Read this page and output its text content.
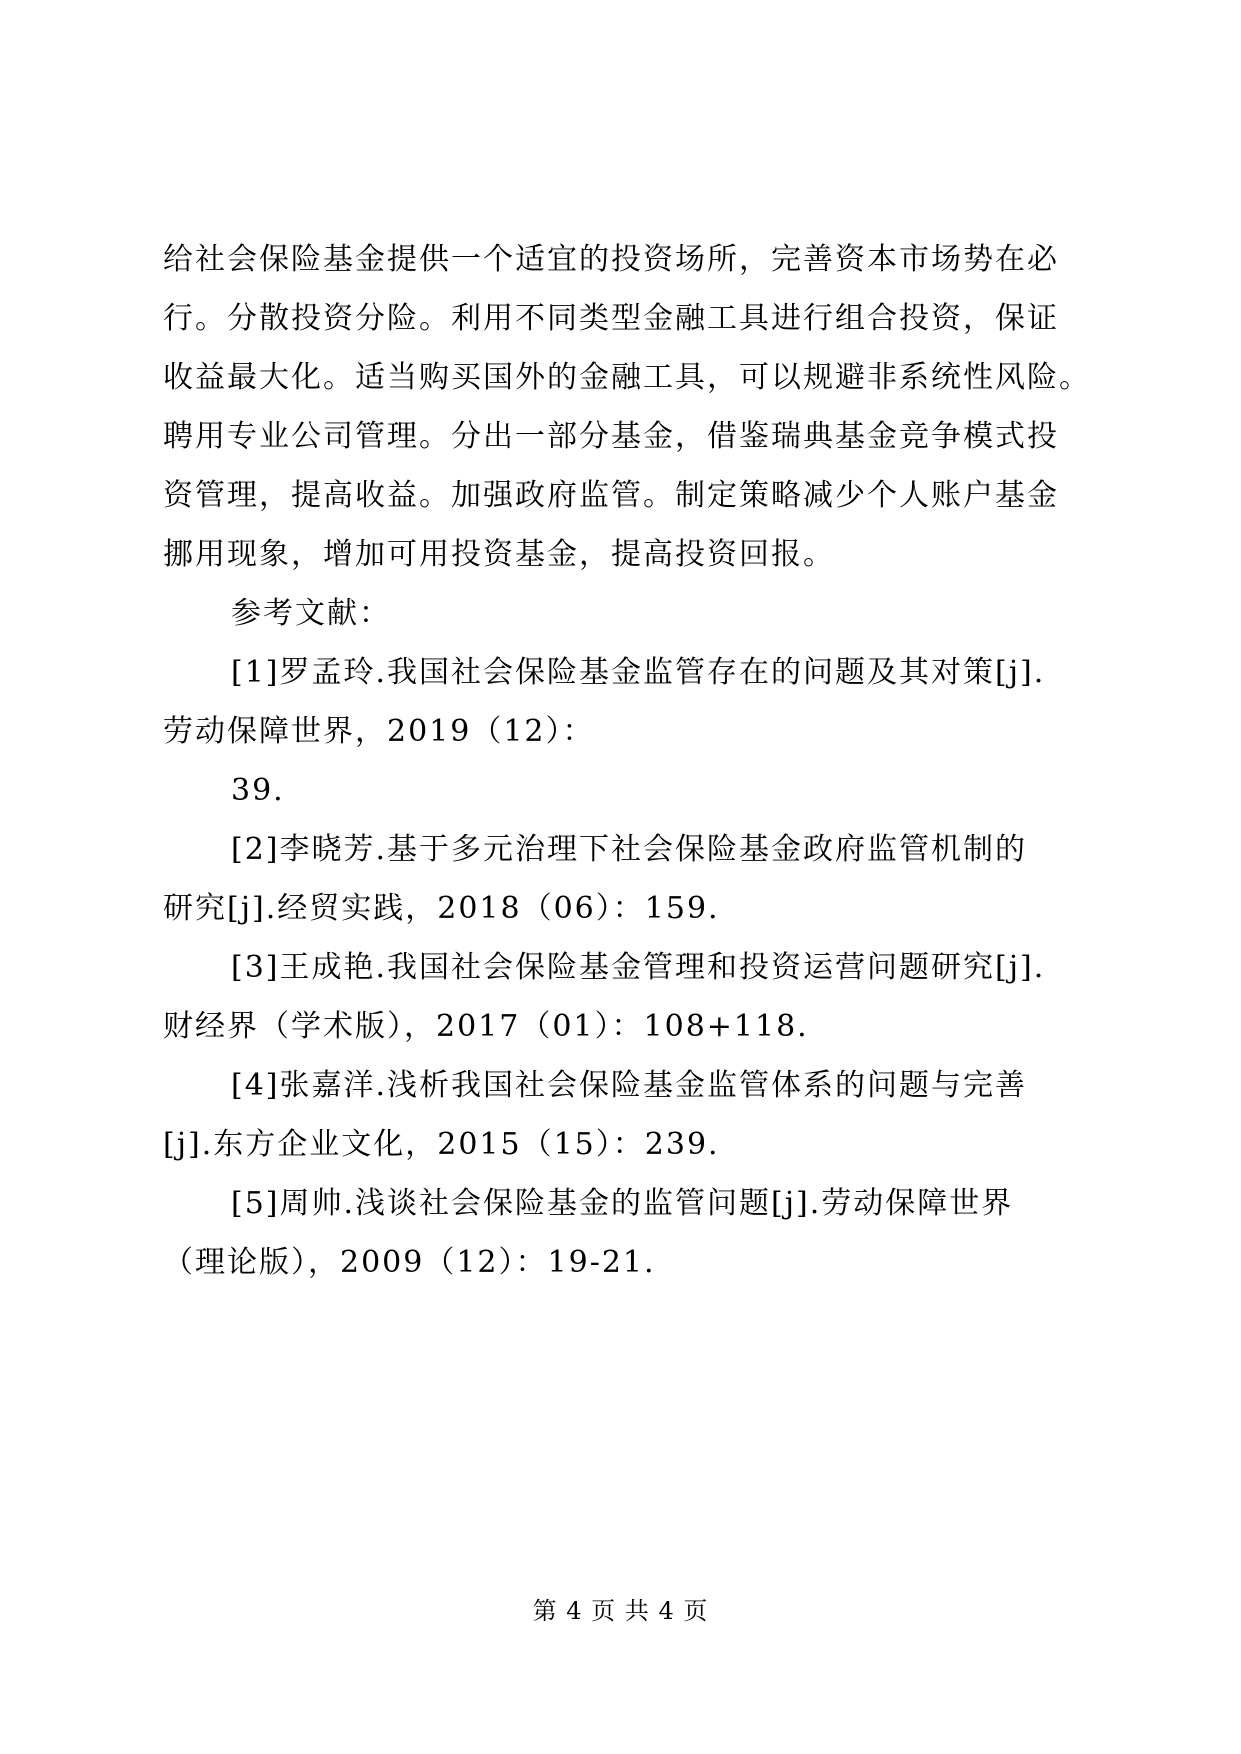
给社会保险基金提供一个适宜的投资场所，完善资本市场势在必
行。分散投资分险。利用不同类型金融工具进行组合投资，保证
收益最大化。适当购买国外的金融工具，可以规避非系统性风险。
聘用专业公司管理。分出一部分基金，借鉴瑞典基金竞争模式投
资管理，提高收益。加强政府监管。制定策略减少个人账户基金
挪用现象，增加可用投资基金，提高投资回报。
参考文献：
[1]罗孟玲.我国社会保险基金监管存在的问题及其对策[j].
劳动保障世界，2019（12）：
39.
[2]李晓芳.基于多元治理下社会保险基金政府监管机制的
研究[j].经贸实践，2018（06）：159.
[3]王成艳.我国社会保险基金管理和投资运营问题研究[j].
财经界（学术版），2017（01）：108+118.
[4]张嘉洋.浅析我国社会保险基金监管体系的问题与完善
[j].东方企业文化，2015（15）：239.
[5]周帅.浅谈社会保险基金的监管问题[j].劳动保障世界
（理论版），2009（12）：19-21.
第 4 页 共 4 页
